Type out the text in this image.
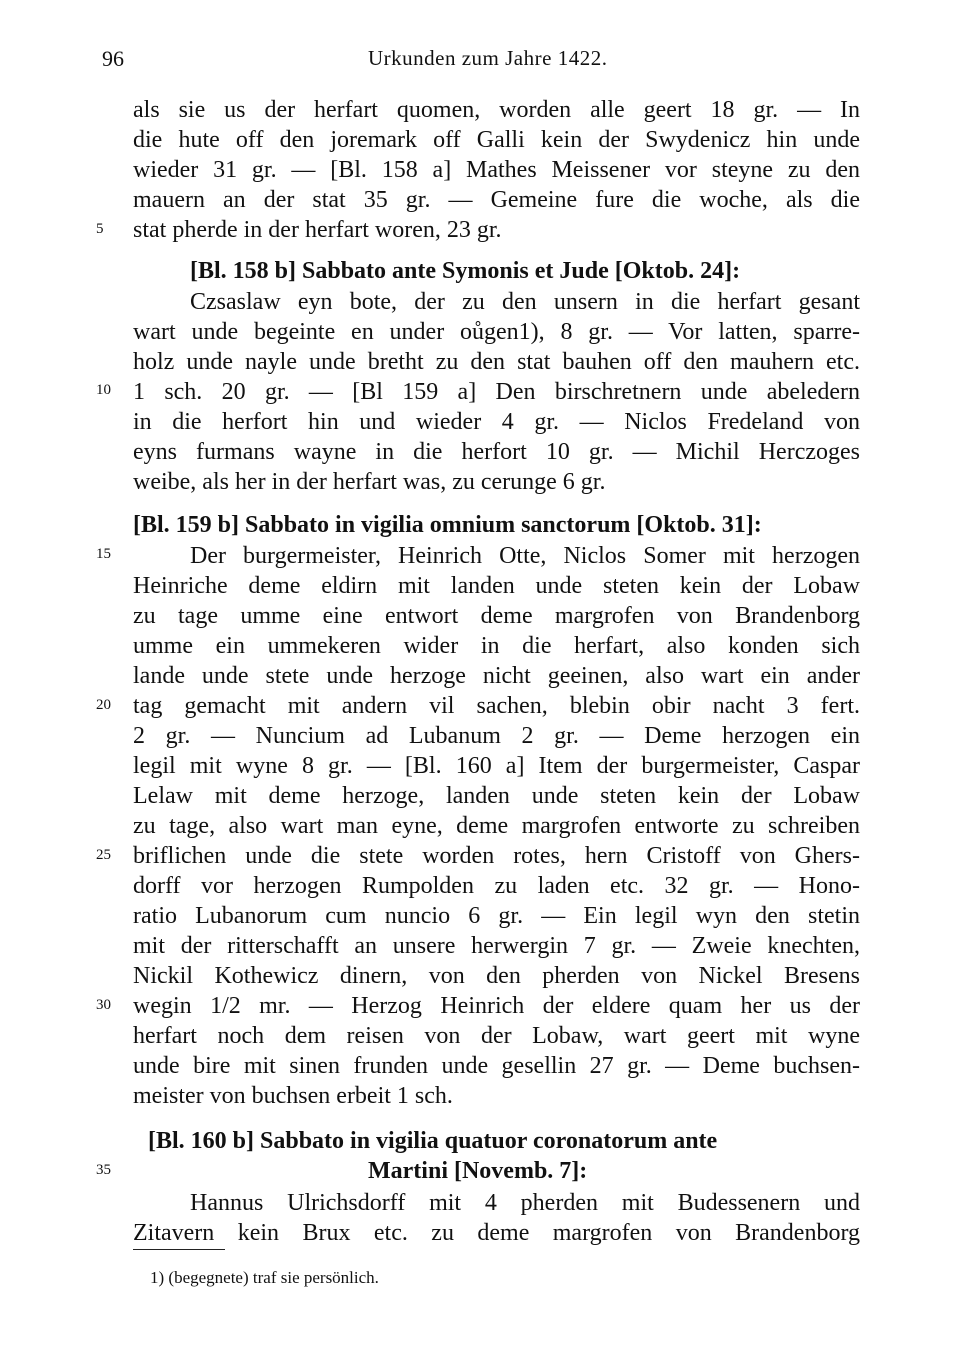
96	Urkunden zum Jahre 1422.
als sie us der herfart quomen, worden alle geert 18 gr. — In
die hute off den joremark off Galli kein der Swydenicz hin unde
wieder 31 gr. — [Bl. 158 a] Mathes Meissener vor steyne zu den
mauern an der stat 35 gr. — Gemeine fure die woche, als die
stat pherde in der herfart woren, 23 gr.
[Bl. 158 b] Sabbato ante Symonis et Jude [Oktob. 24]:
Czsaslaw eyn bote, der zu den unsern in die herfart gesant
wart unde begeinte en under oůgen1), 8 gr. — Vor latten, sparre-
holz unde nayle unde bretht zu den stat bauhen off den mauhern etc.
1 sch. 20 gr. — [Bl 159 a] Den birschretnern unde abeledern
in die herfort hin und wieder 4 gr. — Niclos Fredeland von
eyns furmans wayne in die herfort 10 gr. — Michil Herczoges
weibe, als her in der herfart was, zu cerunge 6 gr.
[Bl. 159 b] Sabbato in vigilia omnium sanctorum [Oktob. 31]:
Der burgermeister, Heinrich Otte, Niclos Somer mit herzogen
Heinriche deme eldirn mit landen unde steten kein der Lobaw
zu tage umme eine entwort deme margrofen von Brandenborg
umme ein ummekeren wider in die herfart, also konden sich
lande unde stete unde herzoge nicht geeinen, also wart ein ander
tag gemacht mit andern vil sachen, blebin obir nacht 3 fert.
2 gr. — Nuncium ad Lubanum 2 gr. — Deme herzogen ein
legil mit wyne 8 gr. — [Bl. 160 a] Item der burgermeister, Caspar
Lelaw mit deme herzoge, landen unde steten kein der Lobaw
zu tage, also wart man eyne, deme margrofen entworte zu schreiben
briflichen unde die stete worden rotes, hern Cristoff von Ghers-
dorff vor herzogen Rumpolden zu laden etc. 32 gr. — Hono-
ratio Lubanorum cum nuncio 6 gr. — Ein legil wyn den stetin
mit der ritterschafft an unsere herwergin 7 gr. — Zweie knechten,
Nickil Kothewicz dinern, von den pherden von Nickel Bresens
wegin 1/2 mr. — Herzog Heinrich der eldere quam her us der
herfart noch dem reisen von der Lobaw, wart geert mit wyne
unde bire mit sinen frunden unde gesellin 27 gr. — Deme buchsen-
meister von buchsen erbeit 1 sch.
[Bl. 160 b] Sabbato in vigilia quatuor coronatorum ante
Martini [Novemb. 7]:
Hannus Ulrichsdorff mit 4 pherden mit Budessenern und
Zitavern kein Brux etc. zu deme margrofen von Brandenborg
5
10
15
20
25
30
35
1) (begegnete) traf sie persönlich.
